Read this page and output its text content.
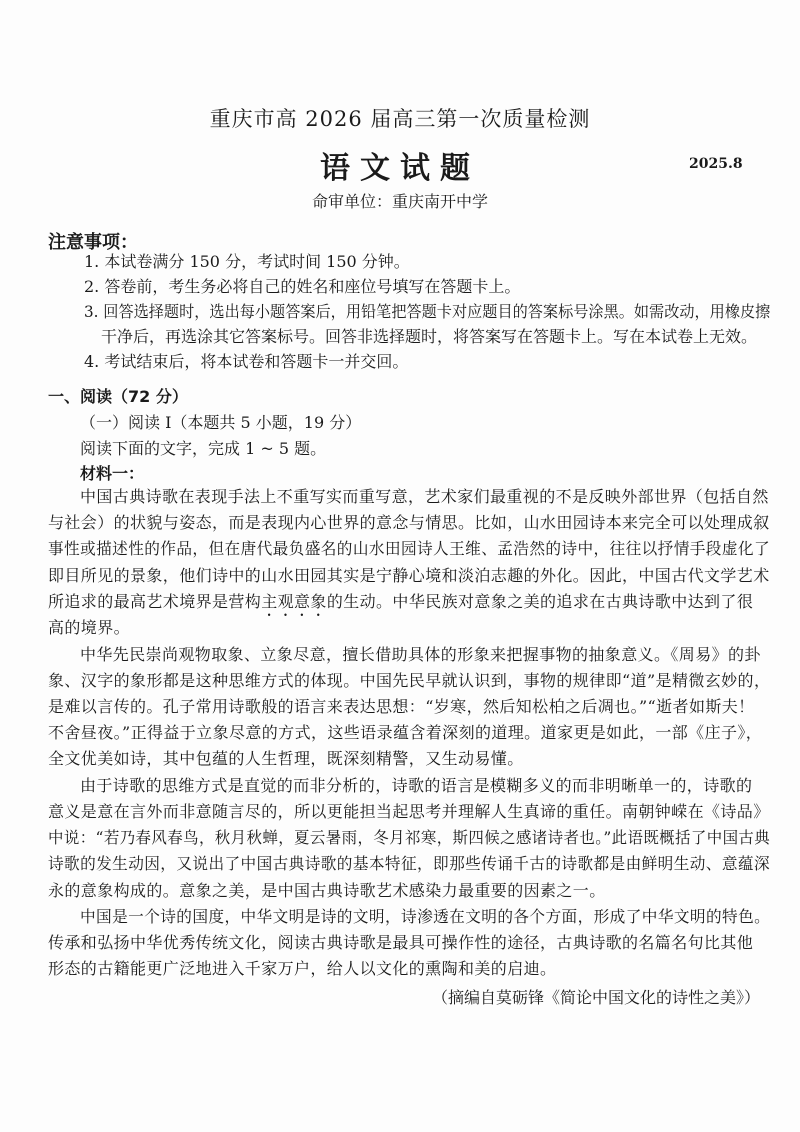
重庆市高 2026 届高三第一次质量检测
语文试题	2025.8
命审单位：重庆南开中学
注意事项：
1. 本试卷满分 150 分，考试时间 150 分钟。
2. 答卷前，考生务必将自己的姓名和座位号填写在答题卡上。
3. 回答选择题时，选出每小题答案后，用铅笔把答题卡对应题目的答案标号涂黑。如需改动，用橡皮擦
干净后，再选涂其它答案标号。回答非选择题时，将答案写在答题卡上。写在本试卷上无效。
4. 考试结束后，将本试卷和答题卡一并交回。
一、阅读（72 分）
（一）阅读 Ⅰ（本题共 5 小题，19 分）
阅读下面的文字，完成 1 ~ 5 题。
材料一：
中国古典诗歌在表现手法上不重写实而重写意，艺术家们最重视的不是反映外部世界（包括自然
与社会）的状貌与姿态，而是表现内心世界的意念与情思。比如，山水田园诗本来完全可以处理成叙
事性或描述性的作品，但在唐代最负盛名的山水田园诗人王维、孟浩然的诗中，往往以抒情手段虚化了
即目所见的景象，他们诗中的山水田园其实是宁静心境和淡泊志趣的外化。因此，中国古代文学艺术
所追求的最高艺术境界是营构主观意象的生动。中华民族对意象之美的追求在古典诗歌中达到了很
高的境界。
中华先民崇尚观物取象、立象尽意，擅长借助具体的形象来把握事物的抽象意义。《周易》的卦
象、汉字的象形都是这种思维方式的体现。中国先民早就认识到，事物的规律即“道”是精微玄妙的，
是难以言传的。孔子常用诗歌般的语言来表达思想：“岁寒，然后知松柏之后凋也。”“逝者如斯夫！
不舍昼夜。”正得益于立象尽意的方式，这些语录蕴含着深刻的道理。道家更是如此，一部《庄子》，
全文优美如诗，其中包蕴的人生哲理，既深刻精警，又生动易懂。
由于诗歌的思维方式是直觉的而非分析的，诗歌的语言是模糊多义的而非明晰单一的，诗歌的
意义是意在言外而非意随言尽的，所以更能担当起思考并理解人生真谛的重任。南朝钟嵘在《诗品》
中说：“若乃春风春鸟，秋月秋蝉，夏云暑雨，冬月祁寒，斯四候之感诸诗者也。”此语既概括了中国古典
诗歌的发生动因，又说出了中国古典诗歌的基本特征，即那些传诵千古的诗歌都是由鲜明生动、意蕴深
永的意象构成的。意象之美，是中国古典诗歌艺术感染力最重要的因素之一。
中国是一个诗的国度，中华文明是诗的文明，诗渗透在文明的各个方面，形成了中华文明的特色。
传承和弘扬中华优秀传统文化，阅读古典诗歌是最具可操作性的途径，古典诗歌的名篇名句比其他
形态的古籍能更广泛地进入千家万户，给人以文化的熏陶和美的启迪。
（摘编自莫砺锋《简论中国文化的诗性之美》）
